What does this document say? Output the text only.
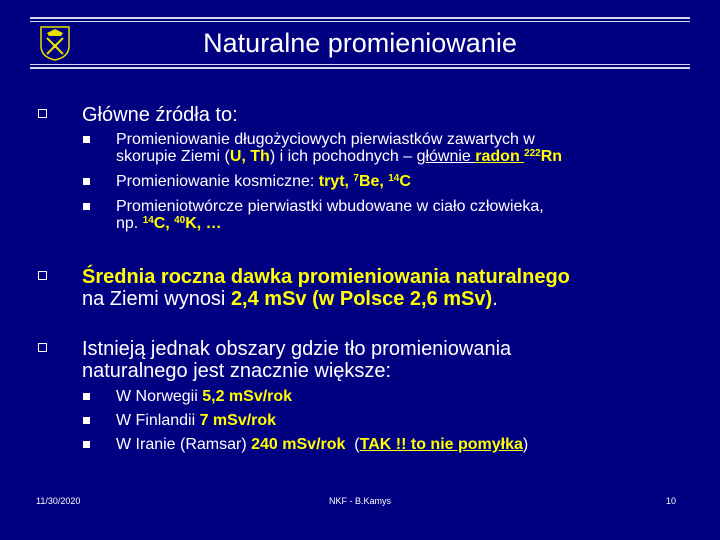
Naturalne promieniowanie
Główne źródła to:
Promieniowanie długożyciowych pierwiastków zawartych w
skorupie Ziemi (U, Th) i ich pochodnych – głównie radon $^{222}$Rn
Promieniowanie kosmiczne: tryt, $^7$Be, $^{14}$C
Promieniotwórcze pierwiastki wbudowane w ciało człowieka,
np. $^{14}$C, $^{40}$K, …
Średnia roczna dawka promieniowania naturalnego
na Ziemi wynosi 2,4 mSv (w Polsce 2,6 mSv).
Istnieją jednak obszary gdzie tło promieniowania
naturalnego jest znacznie większe:
W Norwegii 5,2 mSv/rok
W Finlandii 7 mSv/rok
W Iranie (Ramsar) 240 mSv/rok  (TAK !! to nie pomyłka)
11/30/2020	NKF - B.Kamys	10
